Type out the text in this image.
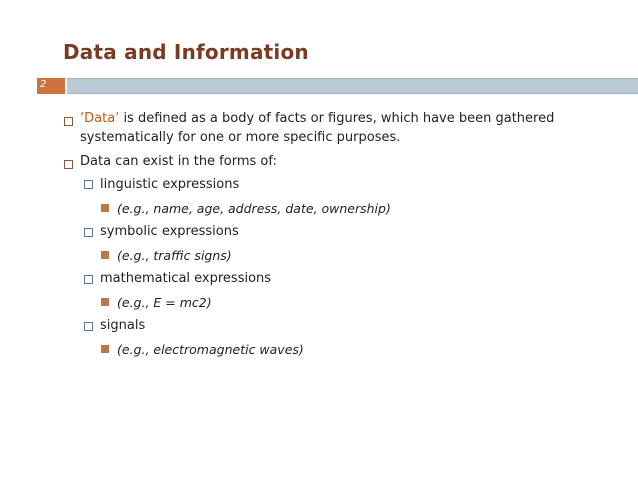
Data and Information
2
‘Data’ is defined as a body of facts or figures, which have been gathered
systematically for one or more specific purposes.
Data can exist in the forms of:
linguistic expressions
(e.g., name, age, address, date, ownership)
symbolic expressions
(e.g., traffic signs)
mathematical expressions
(e.g., E = mc2)
signals
(e.g., electromagnetic waves)
